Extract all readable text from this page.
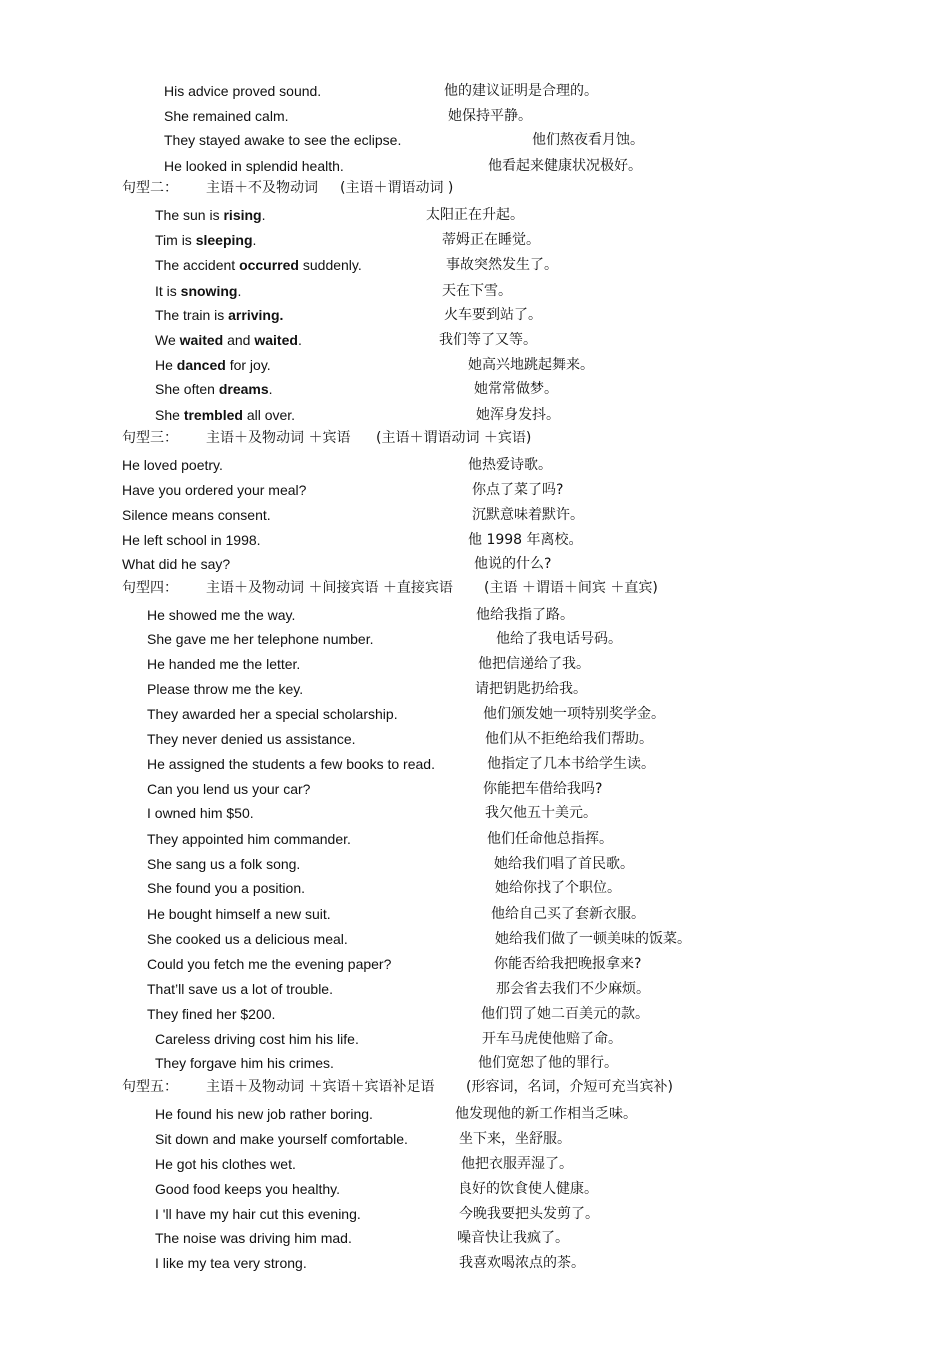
His advice proved sound.	他的建议证明是合理的。
She remained calm.	她保持平静。
They stayed awake to see the eclipse.	他们熬夜看月蚀。
He looked in splendid health.	他看起来健康状况极好。
句型二： 主语＋不及物动词 (主语＋谓语动词 )
The sun is rising.	太阳正在升起。
Tim is sleeping.	蒂姆正在睡觉。
The accident occurred suddenly.	事故突然发生了。
It is snowing.	天在下雪。
The train is arriving.	火车要到站了。
We waited and waited.	我们等了又等。
He danced for joy.	她高兴地跳起舞来。
She often dreams.	她常常做梦。
She trembled all over.	她浑身发抖。
句型三： 主语＋及物动词 ＋宾语 (主语＋谓语动词 ＋宾语)
He loved poetry.	他热爱诗歌。
Have you ordered your meal?	你点了菜了吗?
Silence means consent.	沉默意味着默许。
He left school in 1998.	他 1998 年离校。
What did he say?	他说的什么?
句型四： 主语＋及物动词 ＋间接宾语 ＋直接宾语 (主语 ＋谓语＋间宾 ＋直宾)
He showed me the way.	他给我指了路。
She gave me her telephone number.	他给了我电话号码。
He handed me the letter.	他把信递给了我。
Please throw me the key.	请把钥匙扔给我。
They awarded her a special scholarship.	他们颁发她一项特别奖学金。
They never denied us assistance.	他们从不拒绝给我们帮助。
He assigned the students a few books to read.	他指定了几本书给学生读。
Can you lend us your car?	你能把车借给我吗?
I owned him $50.	我欠他五十美元。
They appointed him commander.	他们任命他总指挥。
She sang us a folk song.	她给我们唱了首民歌。
She found you a position.	她给你找了个职位。
He bought himself a new suit.	他给自己买了套新衣服。
She cooked us a delicious meal.	她给我们做了一顿美味的饭菜。
Could you fetch me the evening paper?	你能否给我把晚报拿来?
That’ll save us a lot of trouble.	那会省去我们不少麻烦。
They fined her $200.	他们罚了她二百美元的款。
Careless driving cost him his life.	开车马虎使他赔了命。
They forgave him his crimes.	他们宽恕了他的罪行。
句型五： 主语＋及物动词 ＋宾语＋宾语补足语 (形容词，名词，介短可充当宾补)
He found his new job rather boring.	他发现他的新工作相当乏味。
Sit down and make yourself comfortable.	坐下来，坐舒服。
He got his clothes wet.	他把衣服弄湿了。
Good food keeps you healthy.	良好的饮食使人健康。
I 'll have my hair cut this evening.	今晚我要把头发剪了。
The noise was driving him mad.	噪音快让我疯了。
I like my tea very strong.	我喜欢喝浓点的茶。
